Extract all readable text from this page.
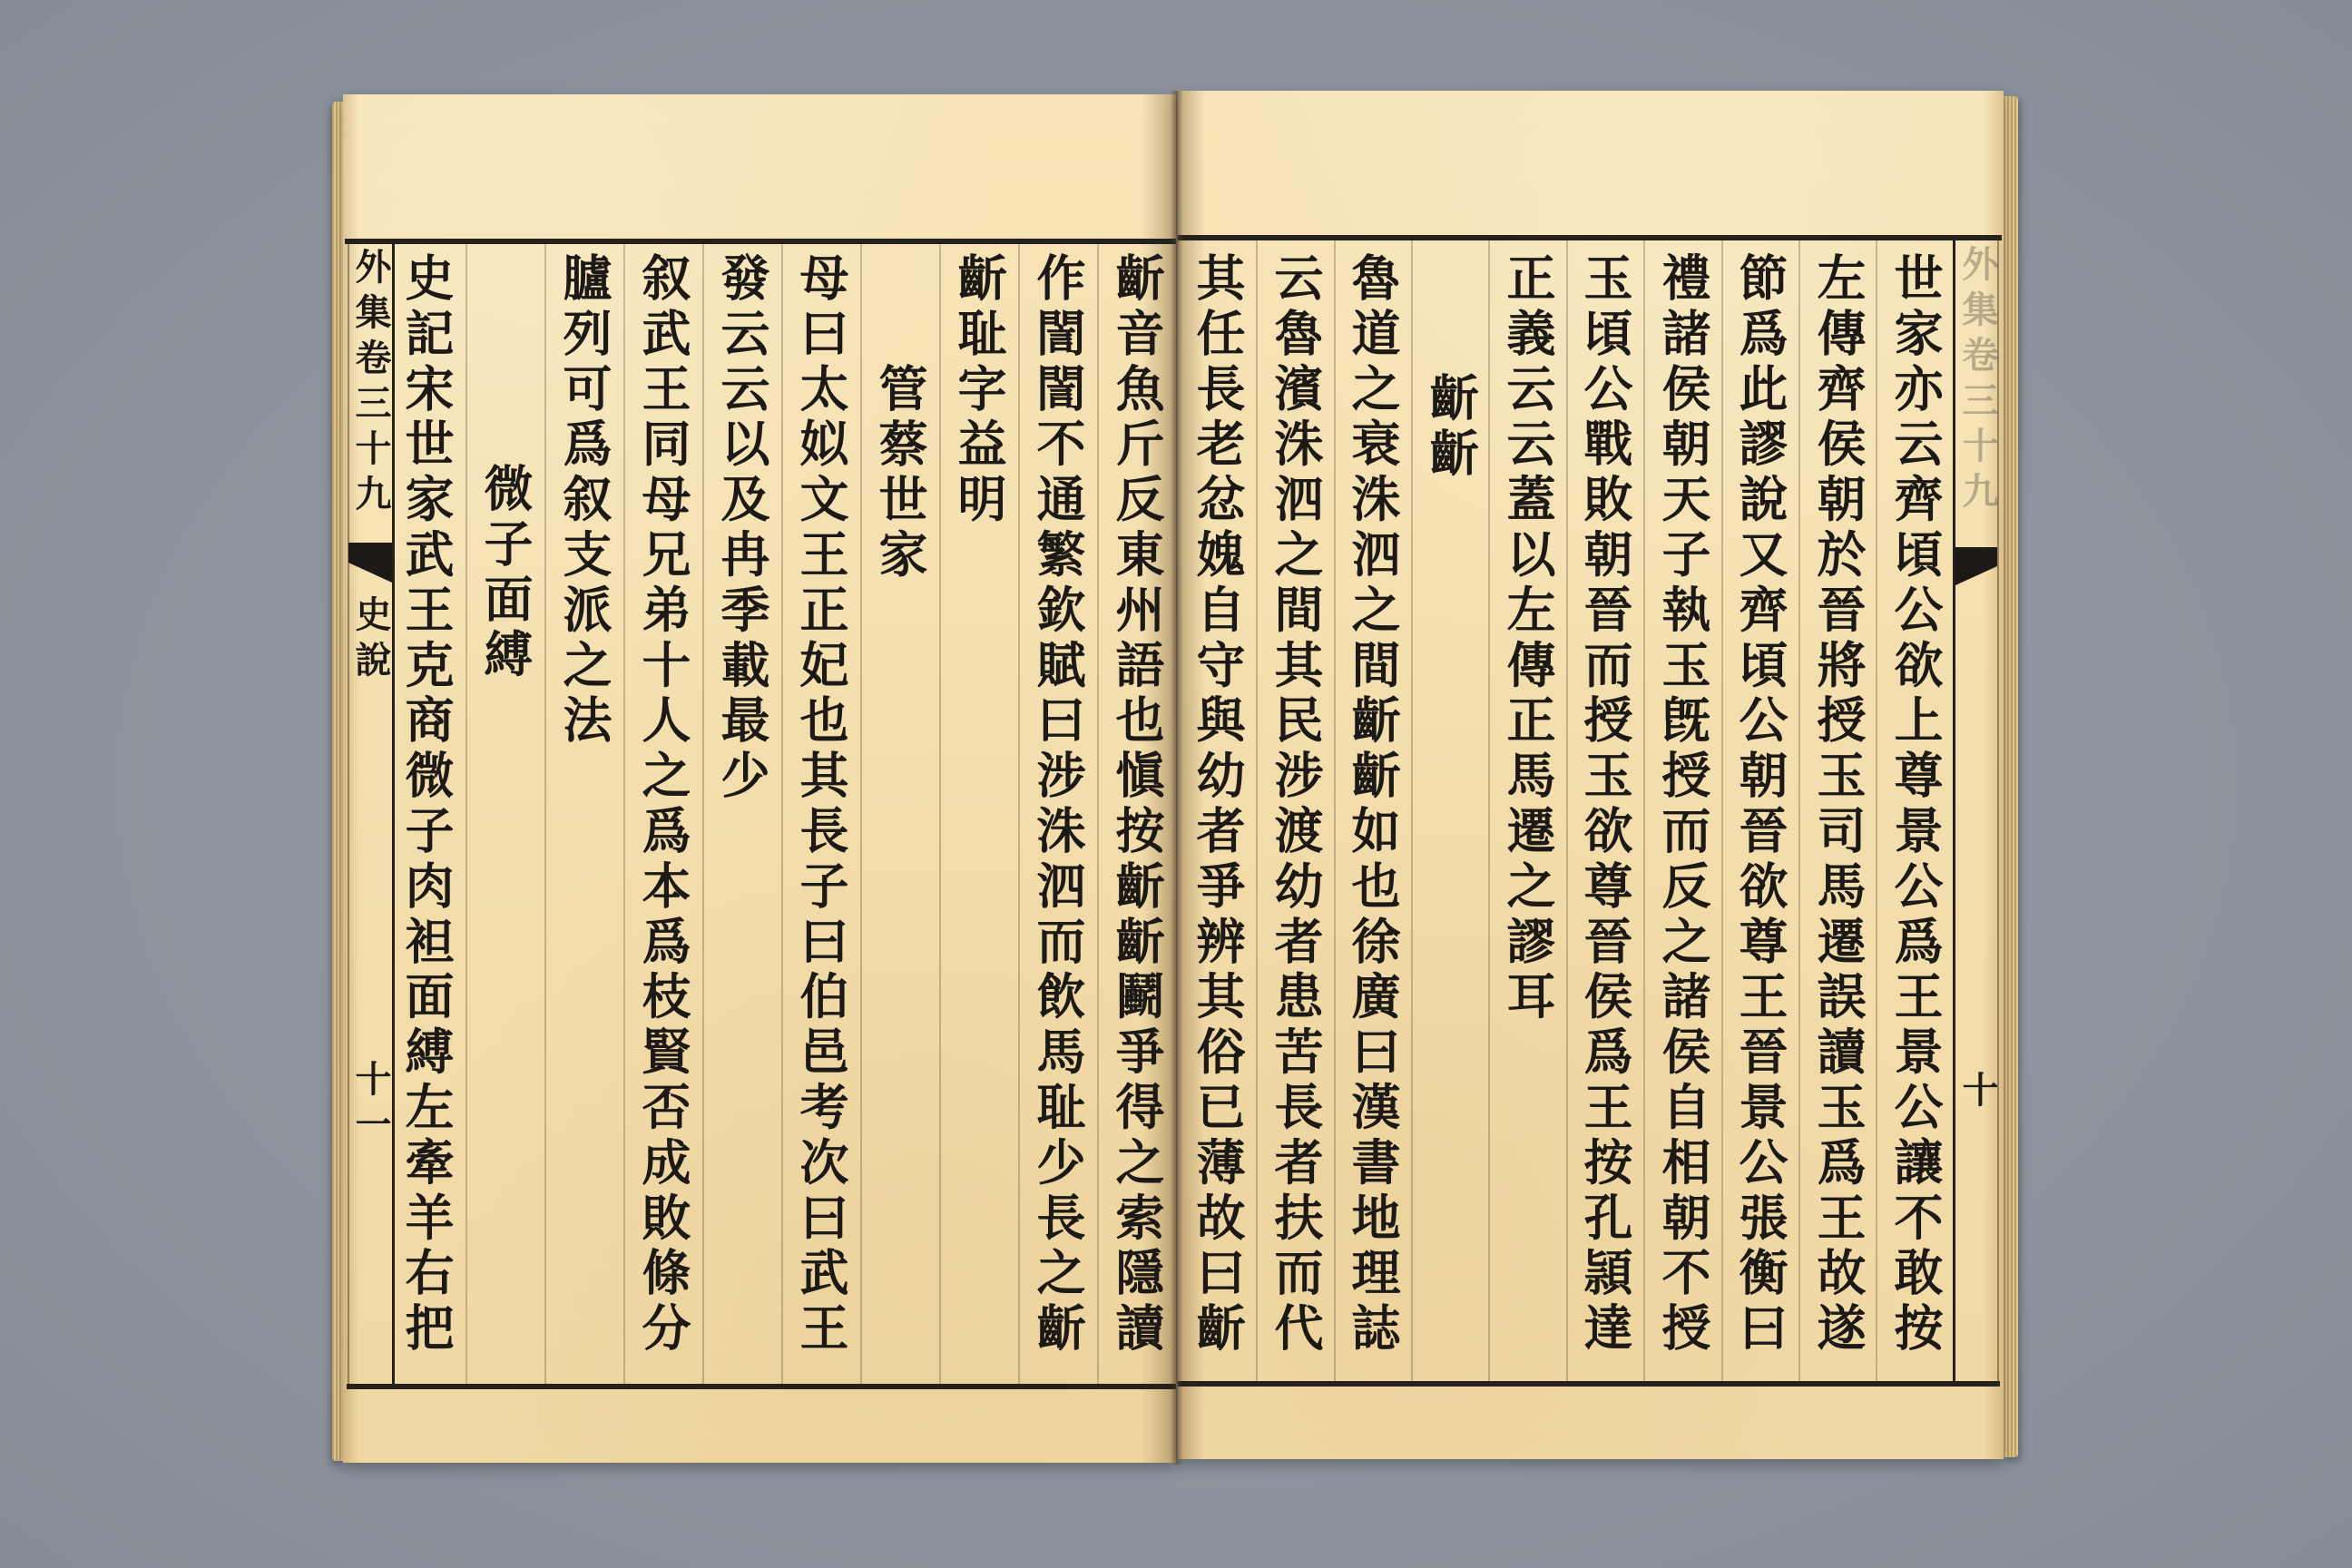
外集卷三十九
史說
十一	齗音魚斤反東州語也愼按齗齗鬬爭得之索隱讀
作誾誾不通繁欽賦曰涉洙泗而飲馬耻少長之齗
齗耻字益明
管蔡世家
母曰太姒文王正妃也其長子曰伯邑考次曰武王
發云云以及冉季載最少
叙武王同母兄弟十人之爲本爲枝賢否成敗條分
臚列可爲叙支派之法
微子面縛
史記宋世家武王克商微子肉袒面縛左牽羊右把	外集卷三十九
十
世家亦云齊頃公欲上尊景公爲王景公讓不敢按
左傳齊侯朝於晉將授玉司馬遷誤讀玉爲王故遂
節爲此謬說又齊頃公朝晉欲尊王晉景公張衡曰
禮諸侯朝天子執玉旣授而反之諸侯自相朝不授
玉頃公戰敗朝晉而授玉欲尊晉侯爲王按孔頴達
正義云云蓋以左傳正馬遷之謬耳
齗齗
魯道之衰洙泗之間齗齗如也徐廣曰漢書地理誌
云魯濱洙泗之間其民涉渡幼者患苦長者扶而代
其任長老忿媿自守與幼者爭辨其俗已薄故曰齗
